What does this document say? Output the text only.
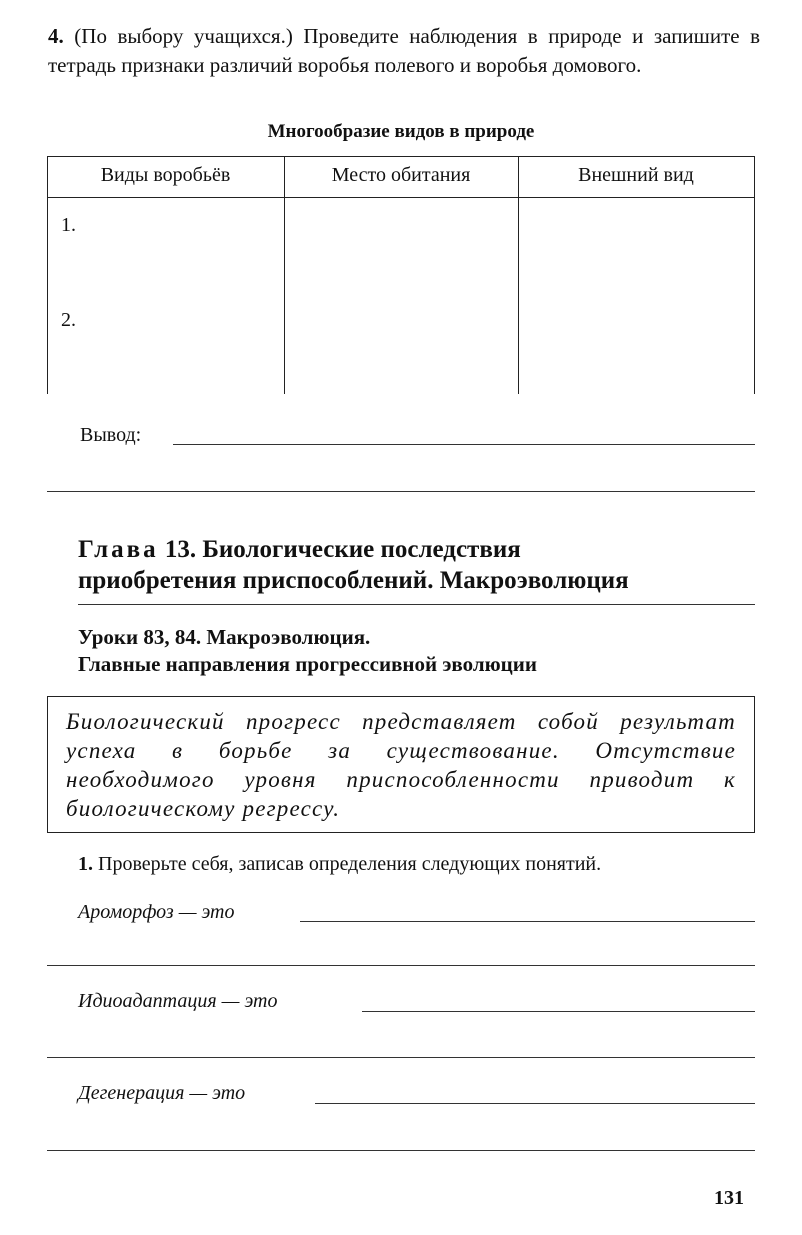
4. (По выбору учащихся.) Проведите наблюдения в природе и запишите в тетрадь признаки различий воробья полевого и воробья домового.
Многообразие видов в природе
Виды воробьёв	Место обитания	Внешний вид
1.
2.
Вывод:
Глава 13. Биологические последствия
приобретения приспособлений. Макроэволюция
Уроки 83, 84. Макроэволюция.
Главные направления прогрессивной эволюции
Биологический прогресс представляет собой результат успеха в борьбе за существование. Отсутствие необходимого уровня приспособленности приводит к биологическому регрессу.
1. Проверьте себя, записав определения следующих понятий.
Ароморфоз — это
Идиоадаптация — это
Дегенерация — это
131
